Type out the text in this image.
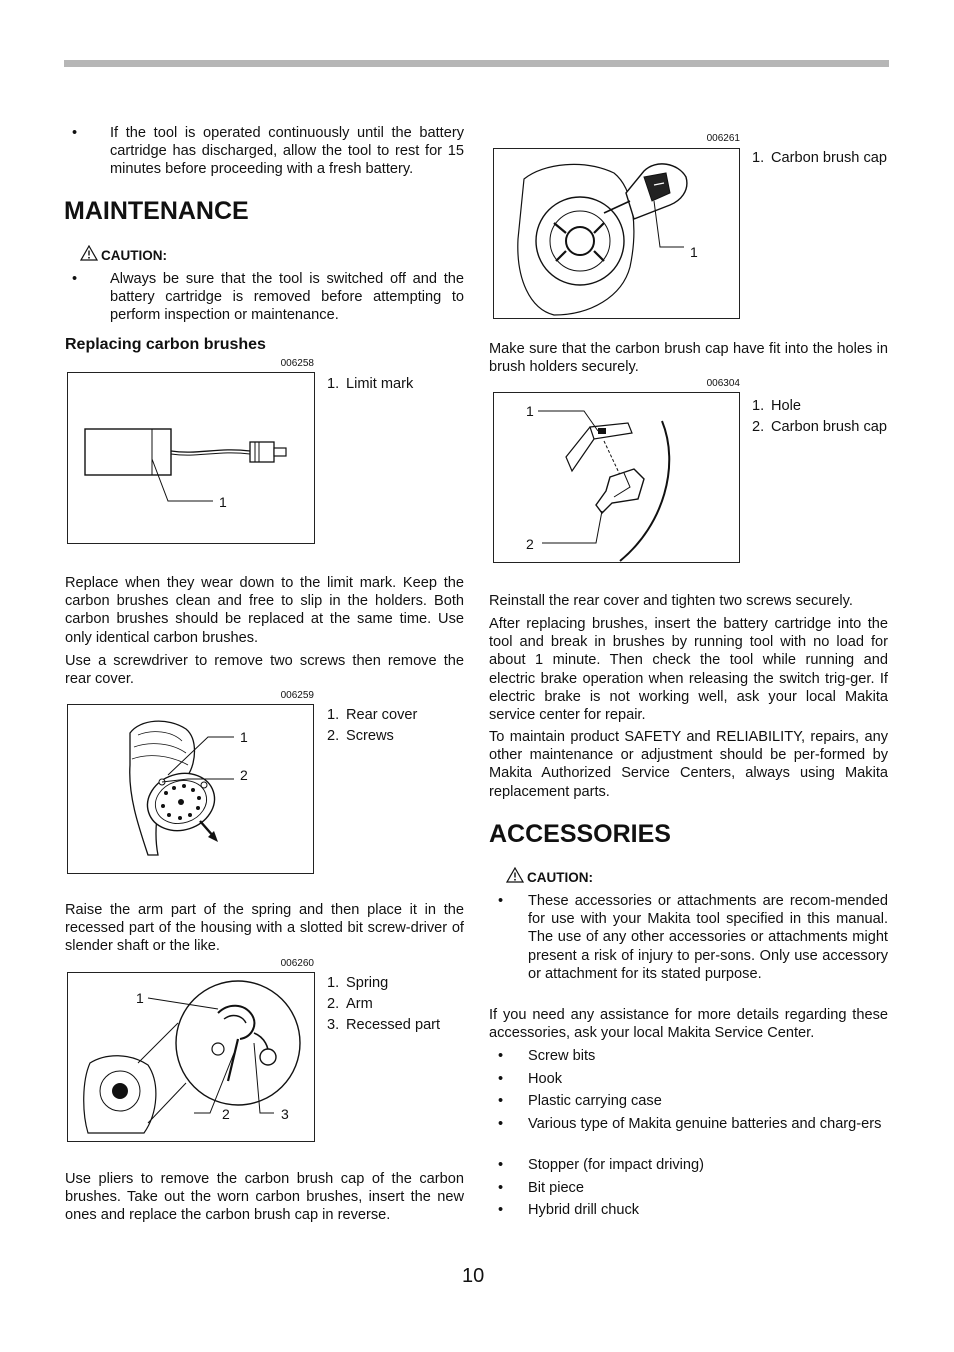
•	If the tool is operated continuously until the battery cartridge has discharged, allow the tool to rest for 15 minutes before proceeding with a fresh battery.
MAINTENANCE
CAUTION:
•	Always be sure that the tool is switched off and the battery cartridge is removed before attempting to perform inspection or maintenance.
Replacing carbon brushes
006258
1
1. Limit mark
Replace when they wear down to the limit mark. Keep the carbon brushes clean and free to slip in the holders. Both carbon brushes should be replaced at the same time. Use only identical carbon brushes.
Use a screwdriver to remove two screws then remove the rear cover.
006259
1
2
1. Rear cover
2. Screws
Raise the arm part of the spring and then place it in the recessed part of the housing with a slotted bit screw-driver of slender shaft or the like.
006260
1
2	3
1. Spring
2. Arm
3. Recessed part
Use pliers to remove the carbon brush cap of the carbon brushes. Take out the worn carbon brushes, insert the new ones and replace the carbon brush cap in reverse.
006261
1
1. Carbon brush cap
Make sure that the carbon brush cap have fit into the holes in brush holders securely.
006304
1
2
1. Hole
2. Carbon brush cap
Reinstall the rear cover and tighten two screws securely.
After replacing brushes, insert the battery cartridge into the tool and break in brushes by running tool with no load for about 1 minute. Then check the tool while running and electric brake operation when releasing the switch trig-ger. If electric brake is not working well, ask your local Makita service center for repair.
To maintain product SAFETY and RELIABILITY, repairs, any other maintenance or adjustment should be per-formed by Makita Authorized Service Centers, always using Makita replacement parts.
ACCESSORIES
CAUTION:
•	These accessories or attachments are recom-mended for use with your Makita tool specified in this manual. The use of any other accessories or attachments might present a risk of injury to per-sons. Only use accessory or attachment for its stated purpose.
If you need any assistance for more details regarding these accessories, ask your local Makita Service Center.
•	Screw bits
•	Hook
•	Plastic carrying case
•	Various type of Makita genuine batteries and charg-ers
•	Stopper (for impact driving)
•	Bit piece
•	Hybrid drill chuck
10
